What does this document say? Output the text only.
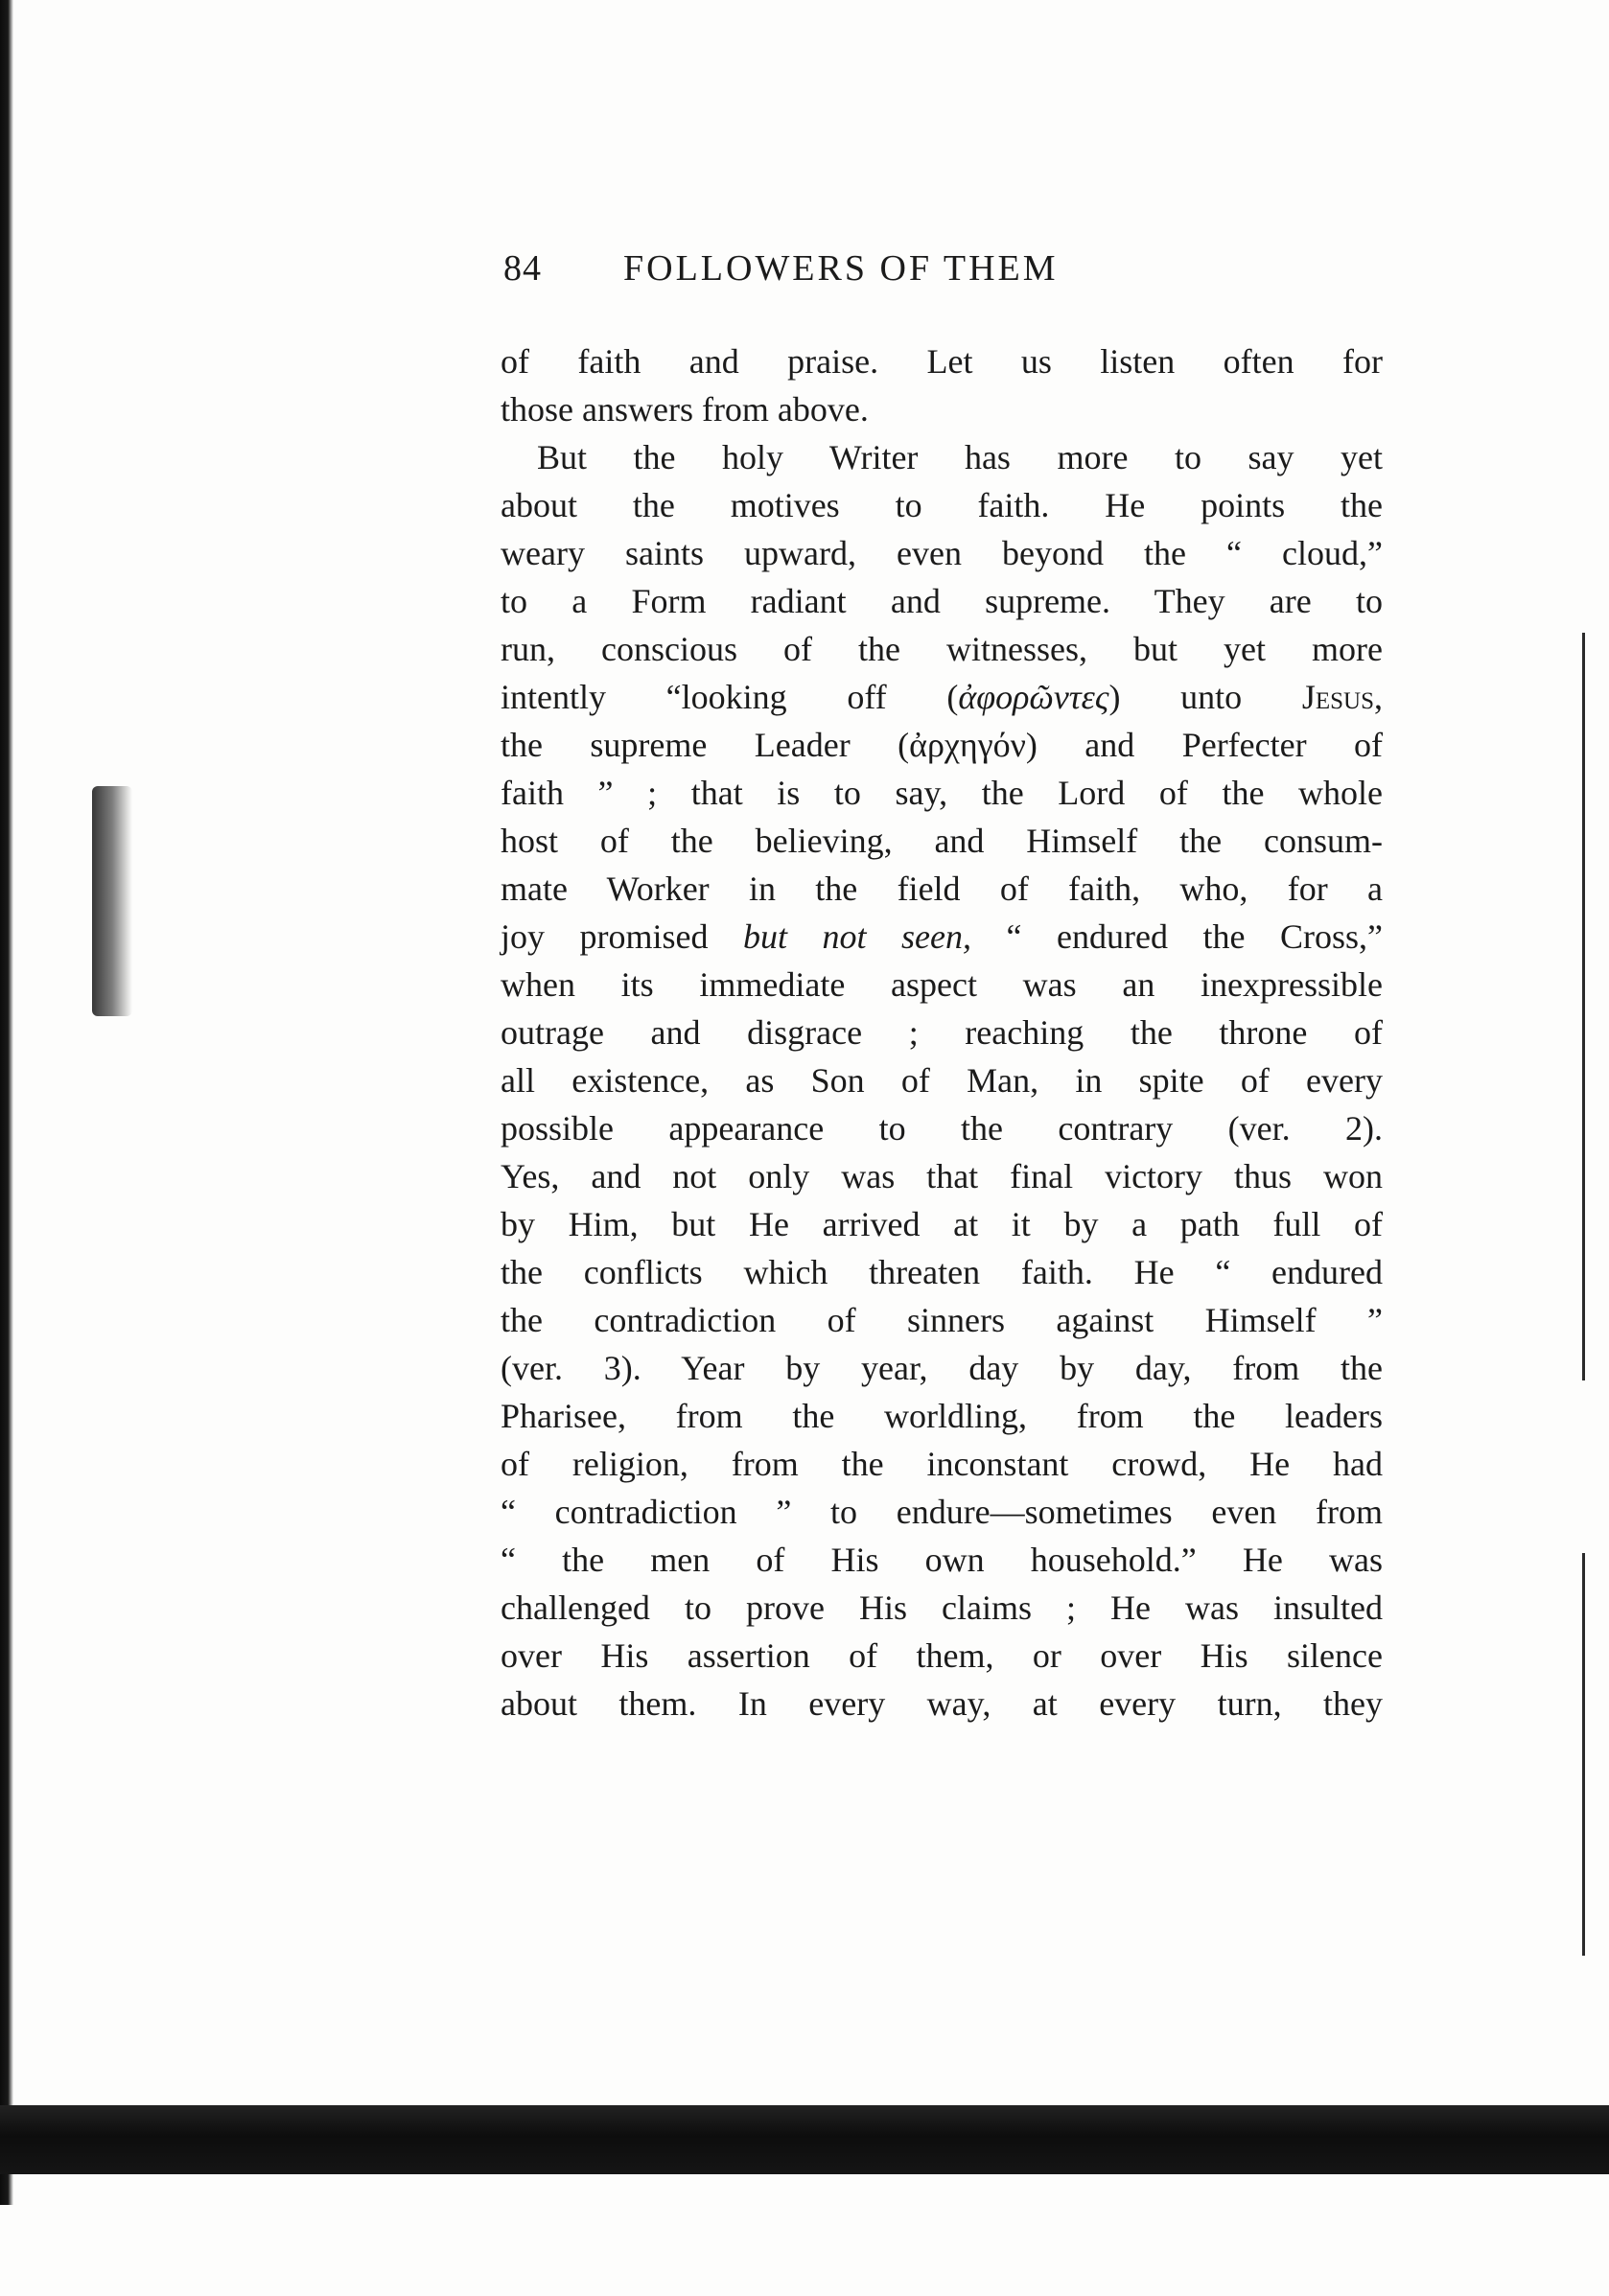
84 FOLLOWERS OF THEM
of faith and praise. Let us listen often for
those answers from above.
But the holy Writer has more to say yet
about the motives to faith. He points the
weary saints upward, even beyond the “ cloud,”
to a Form radiant and supreme. They are to
run, conscious of the witnesses, but yet more
intently “looking off (ἀφορῶντες) unto Jesus,
the supreme Leader (ἀρχηγόν) and Perfecter of
faith ” ; that is to say, the Lord of the whole
host of the believing, and Himself the consum-
mate Worker in the field of faith, who, for a
joy promised but not seen, “ endured the Cross,”
when its immediate aspect was an inexpressible
outrage and disgrace ; reaching the throne of
all existence, as Son of Man, in spite of every
possible appearance to the contrary (ver. 2).
Yes, and not only was that final victory thus won
by Him, but He arrived at it by a path full of
the conflicts which threaten faith. He “ endured
the contradiction of sinners against Himself ”
(ver. 3). Year by year, day by day, from the
Pharisee, from the worldling, from the leaders
of religion, from the inconstant crowd, He had
“ contradiction ” to endure—sometimes even from
“ the men of His own household.” He was
challenged to prove His claims ; He was insulted
over His assertion of them, or over His silence
about them. In every way, at every turn, they
